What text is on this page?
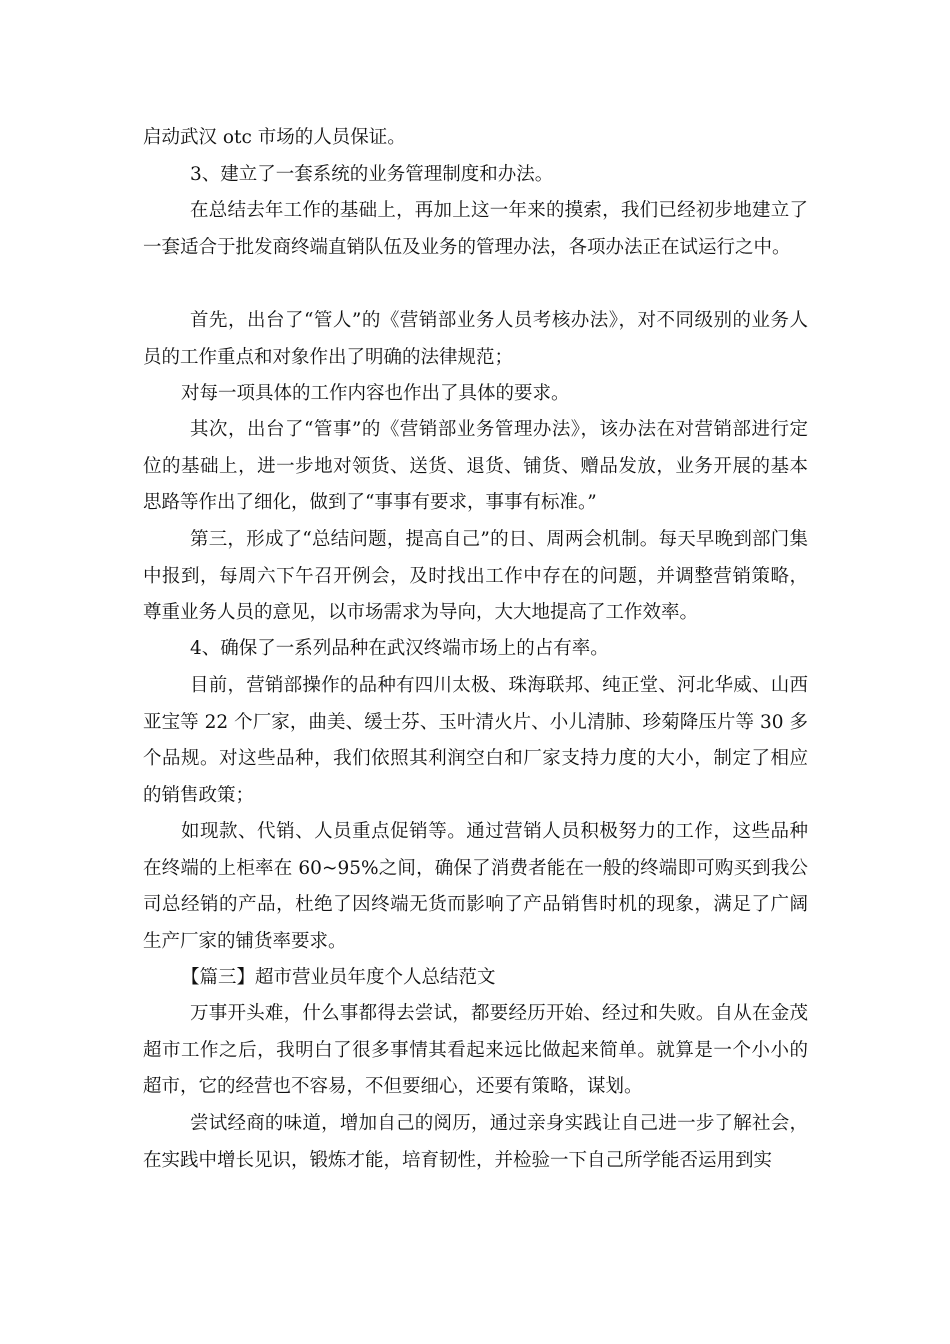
启动武汉 otc 市场的人员保证。

3、建立了一套系统的业务管理制度和办法。

在总结去年工作的基础上，再加上这一年来的摸索，我们已经初步地建立了一套适合于批发商终端直销队伍及业务的管理办法，各项办法正在试运行之中。

首先，出台了“管人”的《营销部业务人员考核办法》，对不同级别的业务人员的工作重点和对象作出了明确的法律规范；

对每一项具体的工作内容也作出了具体的要求。

其次，出台了“管事”的《营销部业务管理办法》，该办法在对营销部进行定位的基础上，进一步地对领货、送货、退货、铺货、赠品发放，业务开展的基本思路等作出了细化，做到了“事事有要求，事事有标准。”

第三，形成了“总结问题，提高自己”的日、周两会机制。每天早晚到部门集中报到，每周六下午召开例会，及时找出工作中存在的问题，并调整营销策略，尊重业务人员的意见，以市场需求为导向，大大地提高了工作效率。

4、确保了一系列品种在武汉终端市场上的占有率。

目前，营销部操作的品种有四川太极、珠海联邦、纯正堂、河北华威、山西亚宝等 22 个厂家，曲美、缓士芬、玉叶清火片、小儿清肺、珍菊降压片等 30 多个品规。对这些品种，我们依照其利润空白和厂家支持力度的大小，制定了相应的销售政策；

如现款、代销、人员重点促销等。通过营销人员积极努力的工作，这些品种在终端的上柜率在 60~95%之间，确保了消费者能在一般的终端即可购买到我公司总经销的产品，杜绝了因终端无货而影响了产品销售时机的现象，满足了广阔生产厂家的铺货率要求。

【篇三】超市营业员年度个人总结范文

万事开头难，什么事都得去尝试，都要经历开始、经过和失败。自从在金茂超市工作之后，我明白了很多事情其看起来远比做起来简单。就算是一个小小的超市，它的经营也不容易，不但要细心，还要有策略，谋划。

尝试经商的味道，增加自己的阅历，通过亲身实践让自己进一步了解社会，在实践中增长见识，锻炼才能，培育韧性，并检验一下自己所学能否运用到实
